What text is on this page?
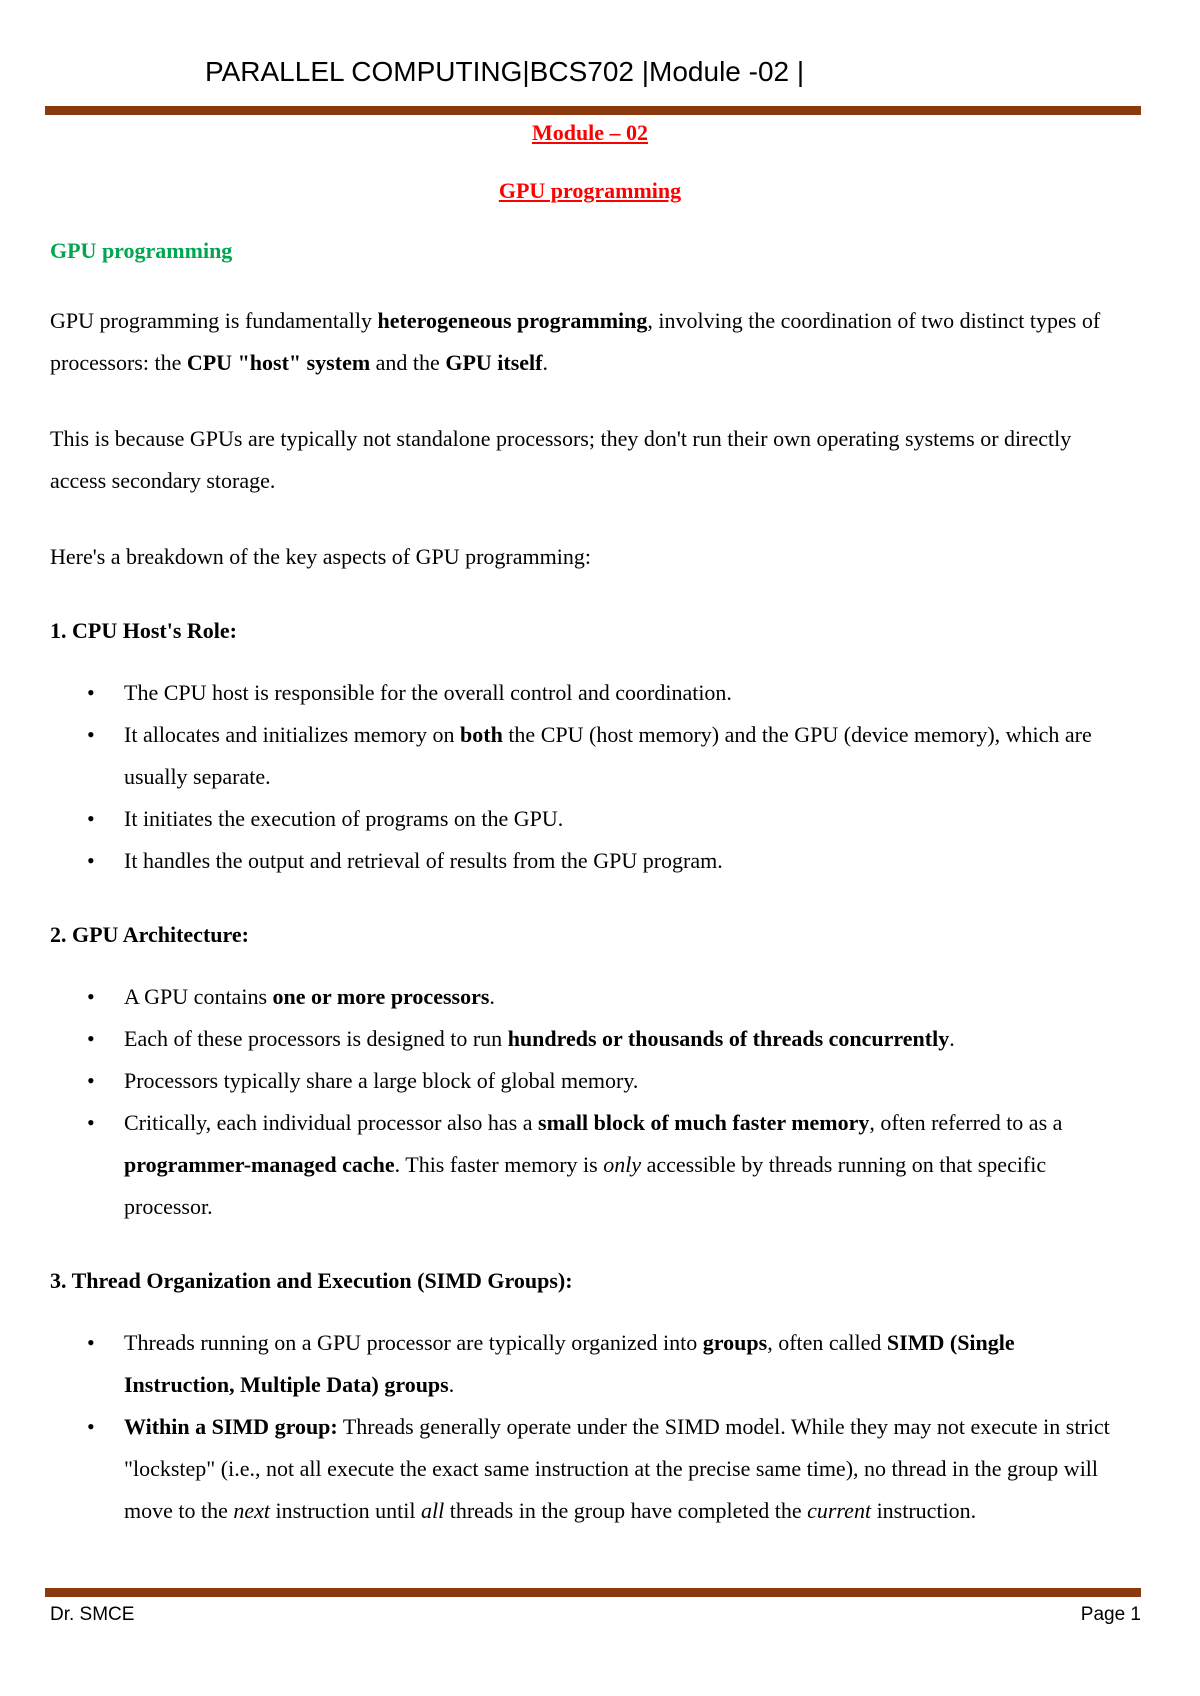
PARALLEL COMPUTING|BCS702 |Module -02 |

Module – 02

GPU programming

GPU programming

GPU programming is fundamentally heterogeneous programming, involving the coordination of two distinct types of processors: the CPU "host" system and the GPU itself.

This is because GPUs are typically not standalone processors; they don't run their own operating systems or directly access secondary storage.

Here's a breakdown of the key aspects of GPU programming:

1. CPU Host's Role:

• The CPU host is responsible for the overall control and coordination.
• It allocates and initializes memory on both the CPU (host memory) and the GPU (device memory), which are usually separate.
• It initiates the execution of programs on the GPU.
• It handles the output and retrieval of results from the GPU program.

2. GPU Architecture:

• A GPU contains one or more processors.
• Each of these processors is designed to run hundreds or thousands of threads concurrently.
• Processors typically share a large block of global memory.
• Critically, each individual processor also has a small block of much faster memory, often referred to as a programmer-managed cache. This faster memory is only accessible by threads running on that specific processor.

3. Thread Organization and Execution (SIMD Groups):

• Threads running on a GPU processor are typically organized into groups, often called SIMD (Single Instruction, Multiple Data) groups.
• Within a SIMD group: Threads generally operate under the SIMD model. While they may not execute in strict "lockstep" (i.e., not all execute the exact same instruction at the precise same time), no thread in the group will move to the next instruction until all threads in the group have completed the current instruction.
Dr. SMCE	Page 1
